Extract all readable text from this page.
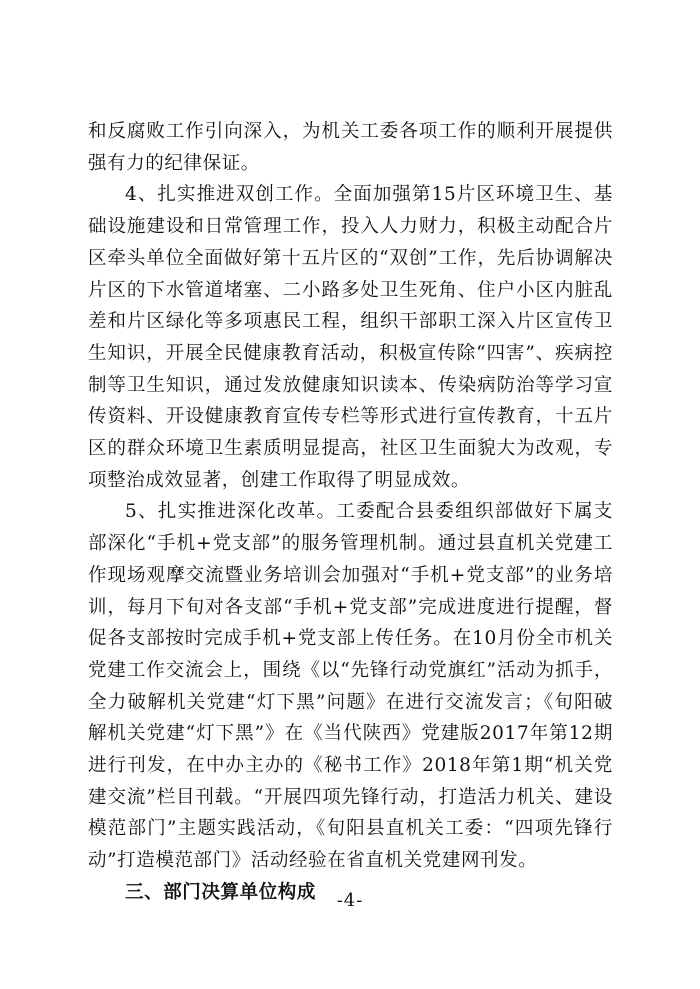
和反腐败工作引向深入，为机关工委各项工作的顺利开展提供强有力的纪律保证。

4、扎实推进双创工作。全面加强第15片区环境卫生、基础设施建设和日常管理工作，投入人力财力，积极主动配合片区牵头单位全面做好第十五片区的“双创”工作，先后协调解决片区的下水管道堵塞、二小路多处卫生死角、住户小区内脏乱差和片区绿化等多项惠民工程，组织干部职工深入片区宣传卫生知识，开展全民健康教育活动，积极宣传除“四害”、疾病控制等卫生知识，通过发放健康知识读本、传染病防治等学习宣传资料、开设健康教育宣传专栏等形式进行宣传教育，十五片区的群众环境卫生素质明显提高，社区卫生面貌大为改观，专项整治成效显著，创建工作取得了明显成效。

5、扎实推进深化改革。工委配合县委组织部做好下属支部深化“手机+党支部”的服务管理机制。通过县直机关党建工作现场观摩交流暨业务培训会加强对“手机+党支部”的业务培训，每月下旬对各支部“手机+党支部”完成进度进行提醒，督促各支部按时完成手机+党支部上传任务。在10月份全市机关党建工作交流会上，围绕《以“先锋行动党旗红”活动为抓手，全力破解机关党建“灯下黑”问题》在进行交流发言；《旬阳破解机关党建“灯下黑”》在《当代陕西》党建版2017年第12期进行刊发，在中办主办的《秘书工作》2018年第1期“机关党建交流”栏目刊载。“开展四项先锋行动，打造活力机关、建设模范部门”主题实践活动，《旬阳县直机关工委：“四项先锋行动”打造模范部门》活动经验在省直机关党建网刊发。

三、部门决算单位构成	-4-
